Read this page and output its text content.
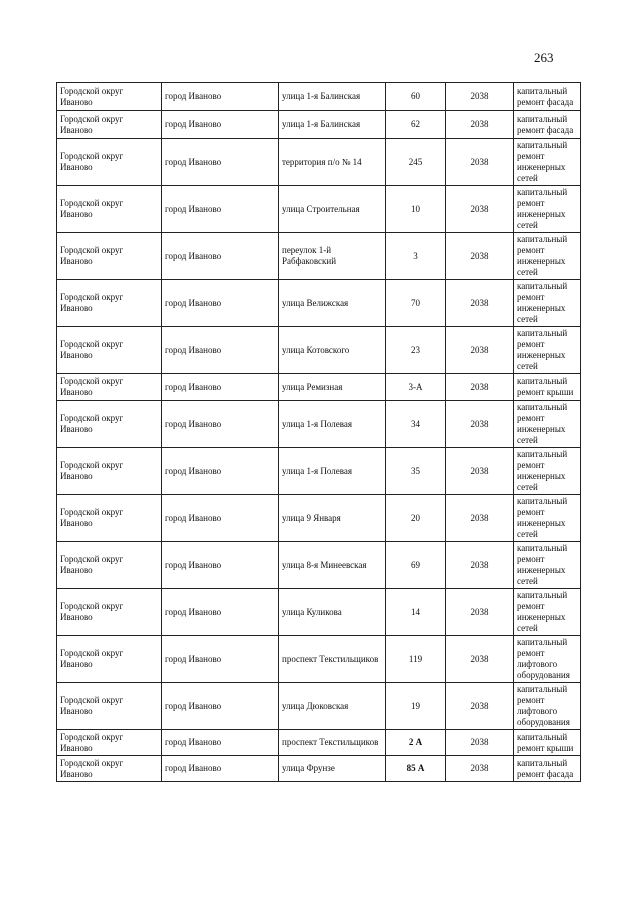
263
Городской округ Иваново	город Иваново	улица 1-я Балинская	60	2038	капитальный ремонт фасада
Городской округ Иваново	город Иваново	улица 1-я Балинская	62	2038	капитальный ремонт фасада
Городской округ Иваново	город Иваново	территория п/о № 14	245	2038	капитальный ремонт инженерных сетей
Городской округ Иваново	город Иваново	улица Строительная	10	2038	капитальный ремонт инженерных сетей
Городской округ Иваново	город Иваново	переулок 1-й Рабфаковский	3	2038	капитальный ремонт инженерных сетей
Городской округ Иваново	город Иваново	улица Велижская	70	2038	капитальный ремонт инженерных сетей
Городской округ Иваново	город Иваново	улица Котовского	23	2038	капитальный ремонт инженерных сетей
Городской округ Иваново	город Иваново	улица Ремизная	3-А	2038	капитальный ремонт крыши
Городской округ Иваново	город Иваново	улица 1-я Полевая	34	2038	капитальный ремонт инженерных сетей
Городской округ Иваново	город Иваново	улица 1-я Полевая	35	2038	капитальный ремонт инженерных сетей
Городской округ Иваново	город Иваново	улица 9 Января	20	2038	капитальный ремонт инженерных сетей
Городской округ Иваново	город Иваново	улица 8-я Минеевская	69	2038	капитальный ремонт инженерных сетей
Городской округ Иваново	город Иваново	улица Куликова	14	2038	капитальный ремонт инженерных сетей
Городской округ Иваново	город Иваново	проспект Текстильщиков	119	2038	капитальный ремонт лифтового оборудования
Городской округ Иваново	город Иваново	улица Дюковская	19	2038	капитальный ремонт лифтового оборудования
Городской округ Иваново	город Иваново	проспект Текстильщиков	2 А	2038	капитальный ремонт крыши
Городской округ Иваново	город Иваново	улица Фрунзе	85 А	2038	капитальный ремонт фасада
